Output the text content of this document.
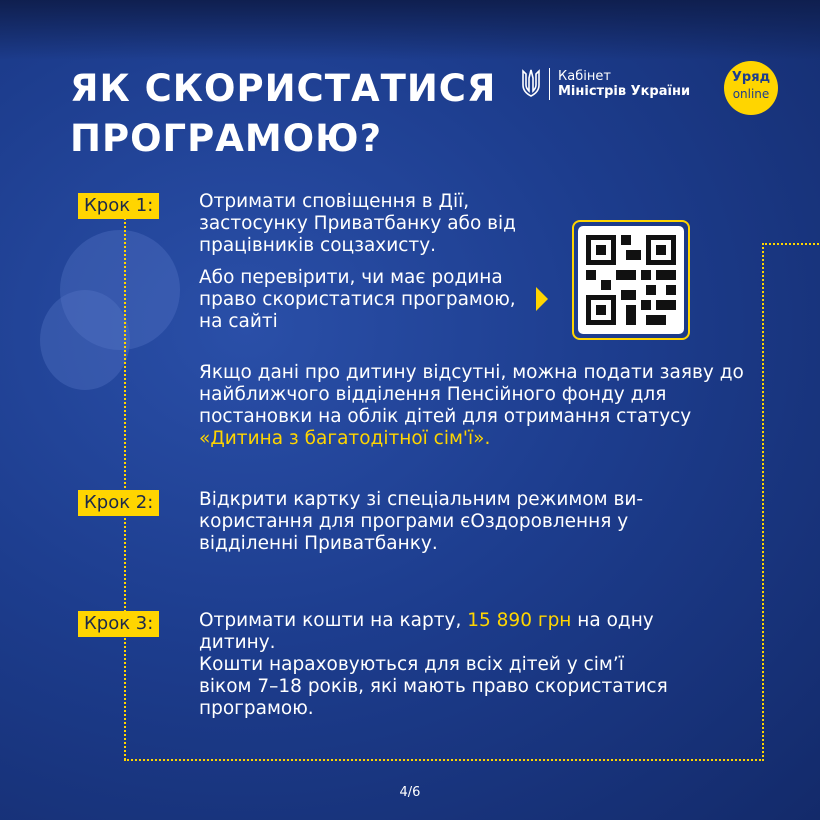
ЯК СКОРИСТАТИСЯ
ПРОГРАМОЮ?
Кабінет
Міністрів України
Уряд
online
Крок 1:	Отримати сповіщення в Дії, застосунку Приватбанку або від працівників соцзахисту.

Або перевірити, чи має родина право скористатися програмою, на сайті

Якщо дані про дитину відсутні, можна подати заяву до найближчого відділення Пенсійного фонду для постановки на облік дітей для отримання статусу «Дитина з багатодітної сім'ї».
Крок 2:	Відкрити картку зі спеціальним режимом ви-користання для програми єОздоровлення у відділенні Приватбанку.
Крок 3:	Отримати кошти на карту, 15 890 грн на одну дитину.
Кошти нараховуються для всіх дітей у сім’ї віком 7–18 років, які мають право скористатися програмою.
4/6
